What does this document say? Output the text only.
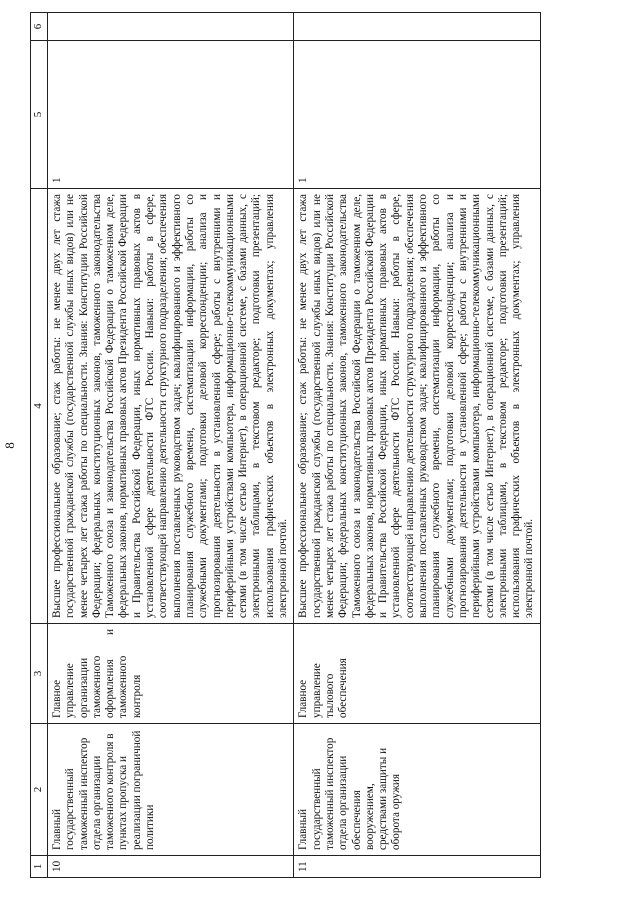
8
1	2	3	4	5	6
10	Главный государственный таможенный инспектор отдела организации таможенного контроля в пунктах пропуска и реализации пограничной политики	Главное управление организации таможенного оформления и таможенного контроля	Высшее профессиональное образование; стаж работы: не менее двух лет стажа государственной гражданской службы (государственной службы иных видов) или не менее четырех лет стажа работы по специальности. Знания: Конституции Российской Федерации; федеральных конституционных законов, таможенного законодательства Таможенного союза и законодательства Российской Федерации о таможенном деле, федеральных законов, нормативных правовых актов Президента Российской Федерации и Правительства Российской Федерации, иных нормативных правовых актов в установленной сфере деятельности ФТС России. Навыки: работы в сфере, соответствующей направлению деятельности структурного подразделения; обеспечения выполнения поставленных руководством задач; квалифицированного и эффективного планирования служебного времени, систематизации информации, работы со служебными документами; подготовки деловой корреспонденции; анализа и прогнозирования деятельности в установленной сфере; работы с внутренними и периферийными устройствами компьютера, информационно-телекоммуникационными сетями (в том числе сетью Интернет), в операционной системе, с базами данных, с электронными таблицами, в текстовом редакторе; подготовки презентаций; использования графических объектов в электронных документах; управления электронной почтой.	1	
11	Главный государственный таможенный инспектор отдела организации обеспечения вооружением, средствами защиты и оборота оружия	Главное управление тылового обеспечения	Высшее профессиональное образование; стаж работы: не менее двух лет стажа государственной гражданской службы (государственной службы иных видов) или не менее четырех лет стажа работы по специальности. Знания: Конституции Российской Федерации; федеральных конституционных законов, таможенного законодательства Таможенного союза и законодательства Российской Федерации о таможенном деле, федеральных законов, нормативных правовых актов Президента Российской Федерации и Правительства Российской Федерации, иных нормативных правовых актов в установленной сфере деятельности ФТС России. Навыки: работы в сфере, соответствующей направлению деятельности структурного подразделения; обеспечения выполнения поставленных руководством задач; квалифицированного и эффективного планирования служебного времени, систематизации информации, работы со служебными документами; подготовки деловой корреспонденции; анализа и прогнозирования деятельности в установленной сфере; работы с внутренними и периферийными устройствами компьютера, информационно-телекоммуникационными сетями (в том числе сетью Интернет), в операционной системе, с базами данных, с электронными таблицами, в текстовом редакторе; подготовки презентаций; использования графических объектов в электронных документах; управления электронной почтой.	1	
